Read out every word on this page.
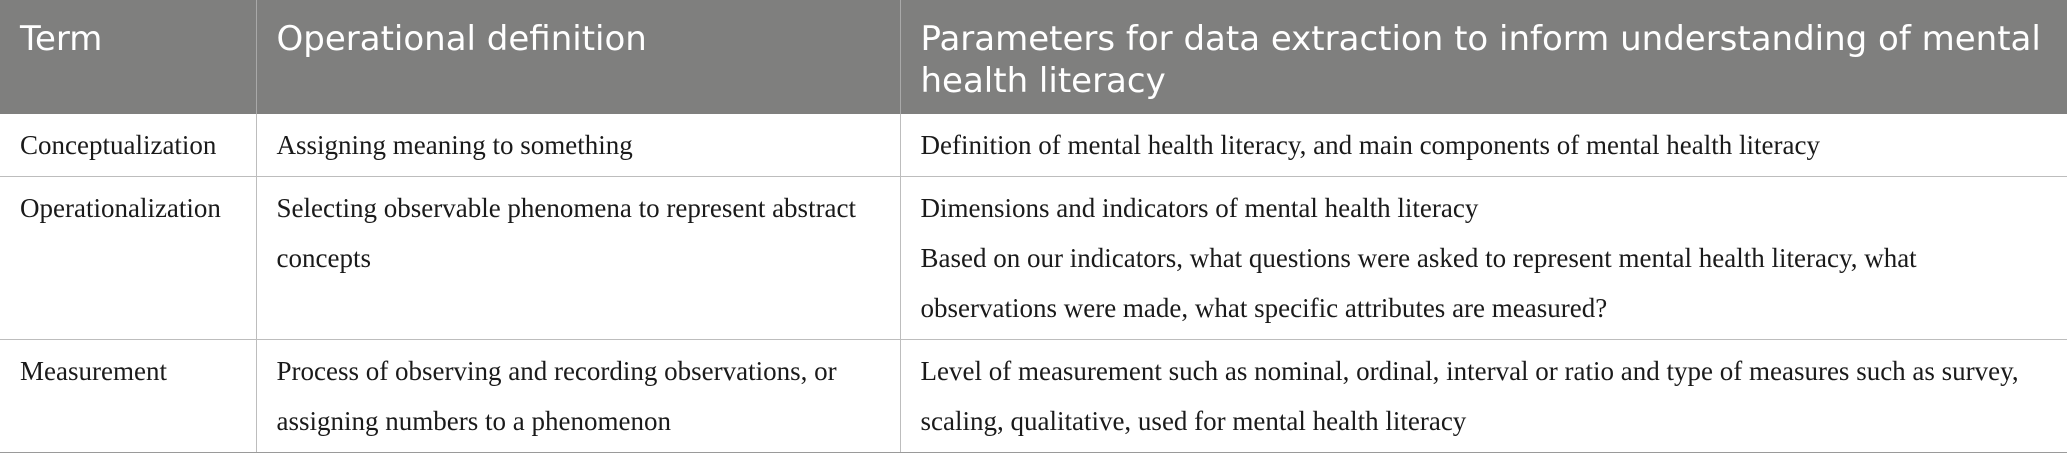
Term	Operational definition	Parameters for data extraction to inform understanding of mental health literacy
Conceptualization	Assigning meaning to something	Definition of mental health literacy, and main components of mental health literacy

Operationalization	Selecting observable phenomena to represent abstract concepts	Dimensions and indicators of mental health literacy
Based on our indicators, what questions were asked to represent mental health literacy, what observations were made, what specific attributes are measured?

Measurement	Process of observing and recording observations, or assigning numbers to a phenomenon	Level of measurement such as nominal, ordinal, interval or ratio and type of measures such as survey, scaling, qualitative, used for mental health literacy
